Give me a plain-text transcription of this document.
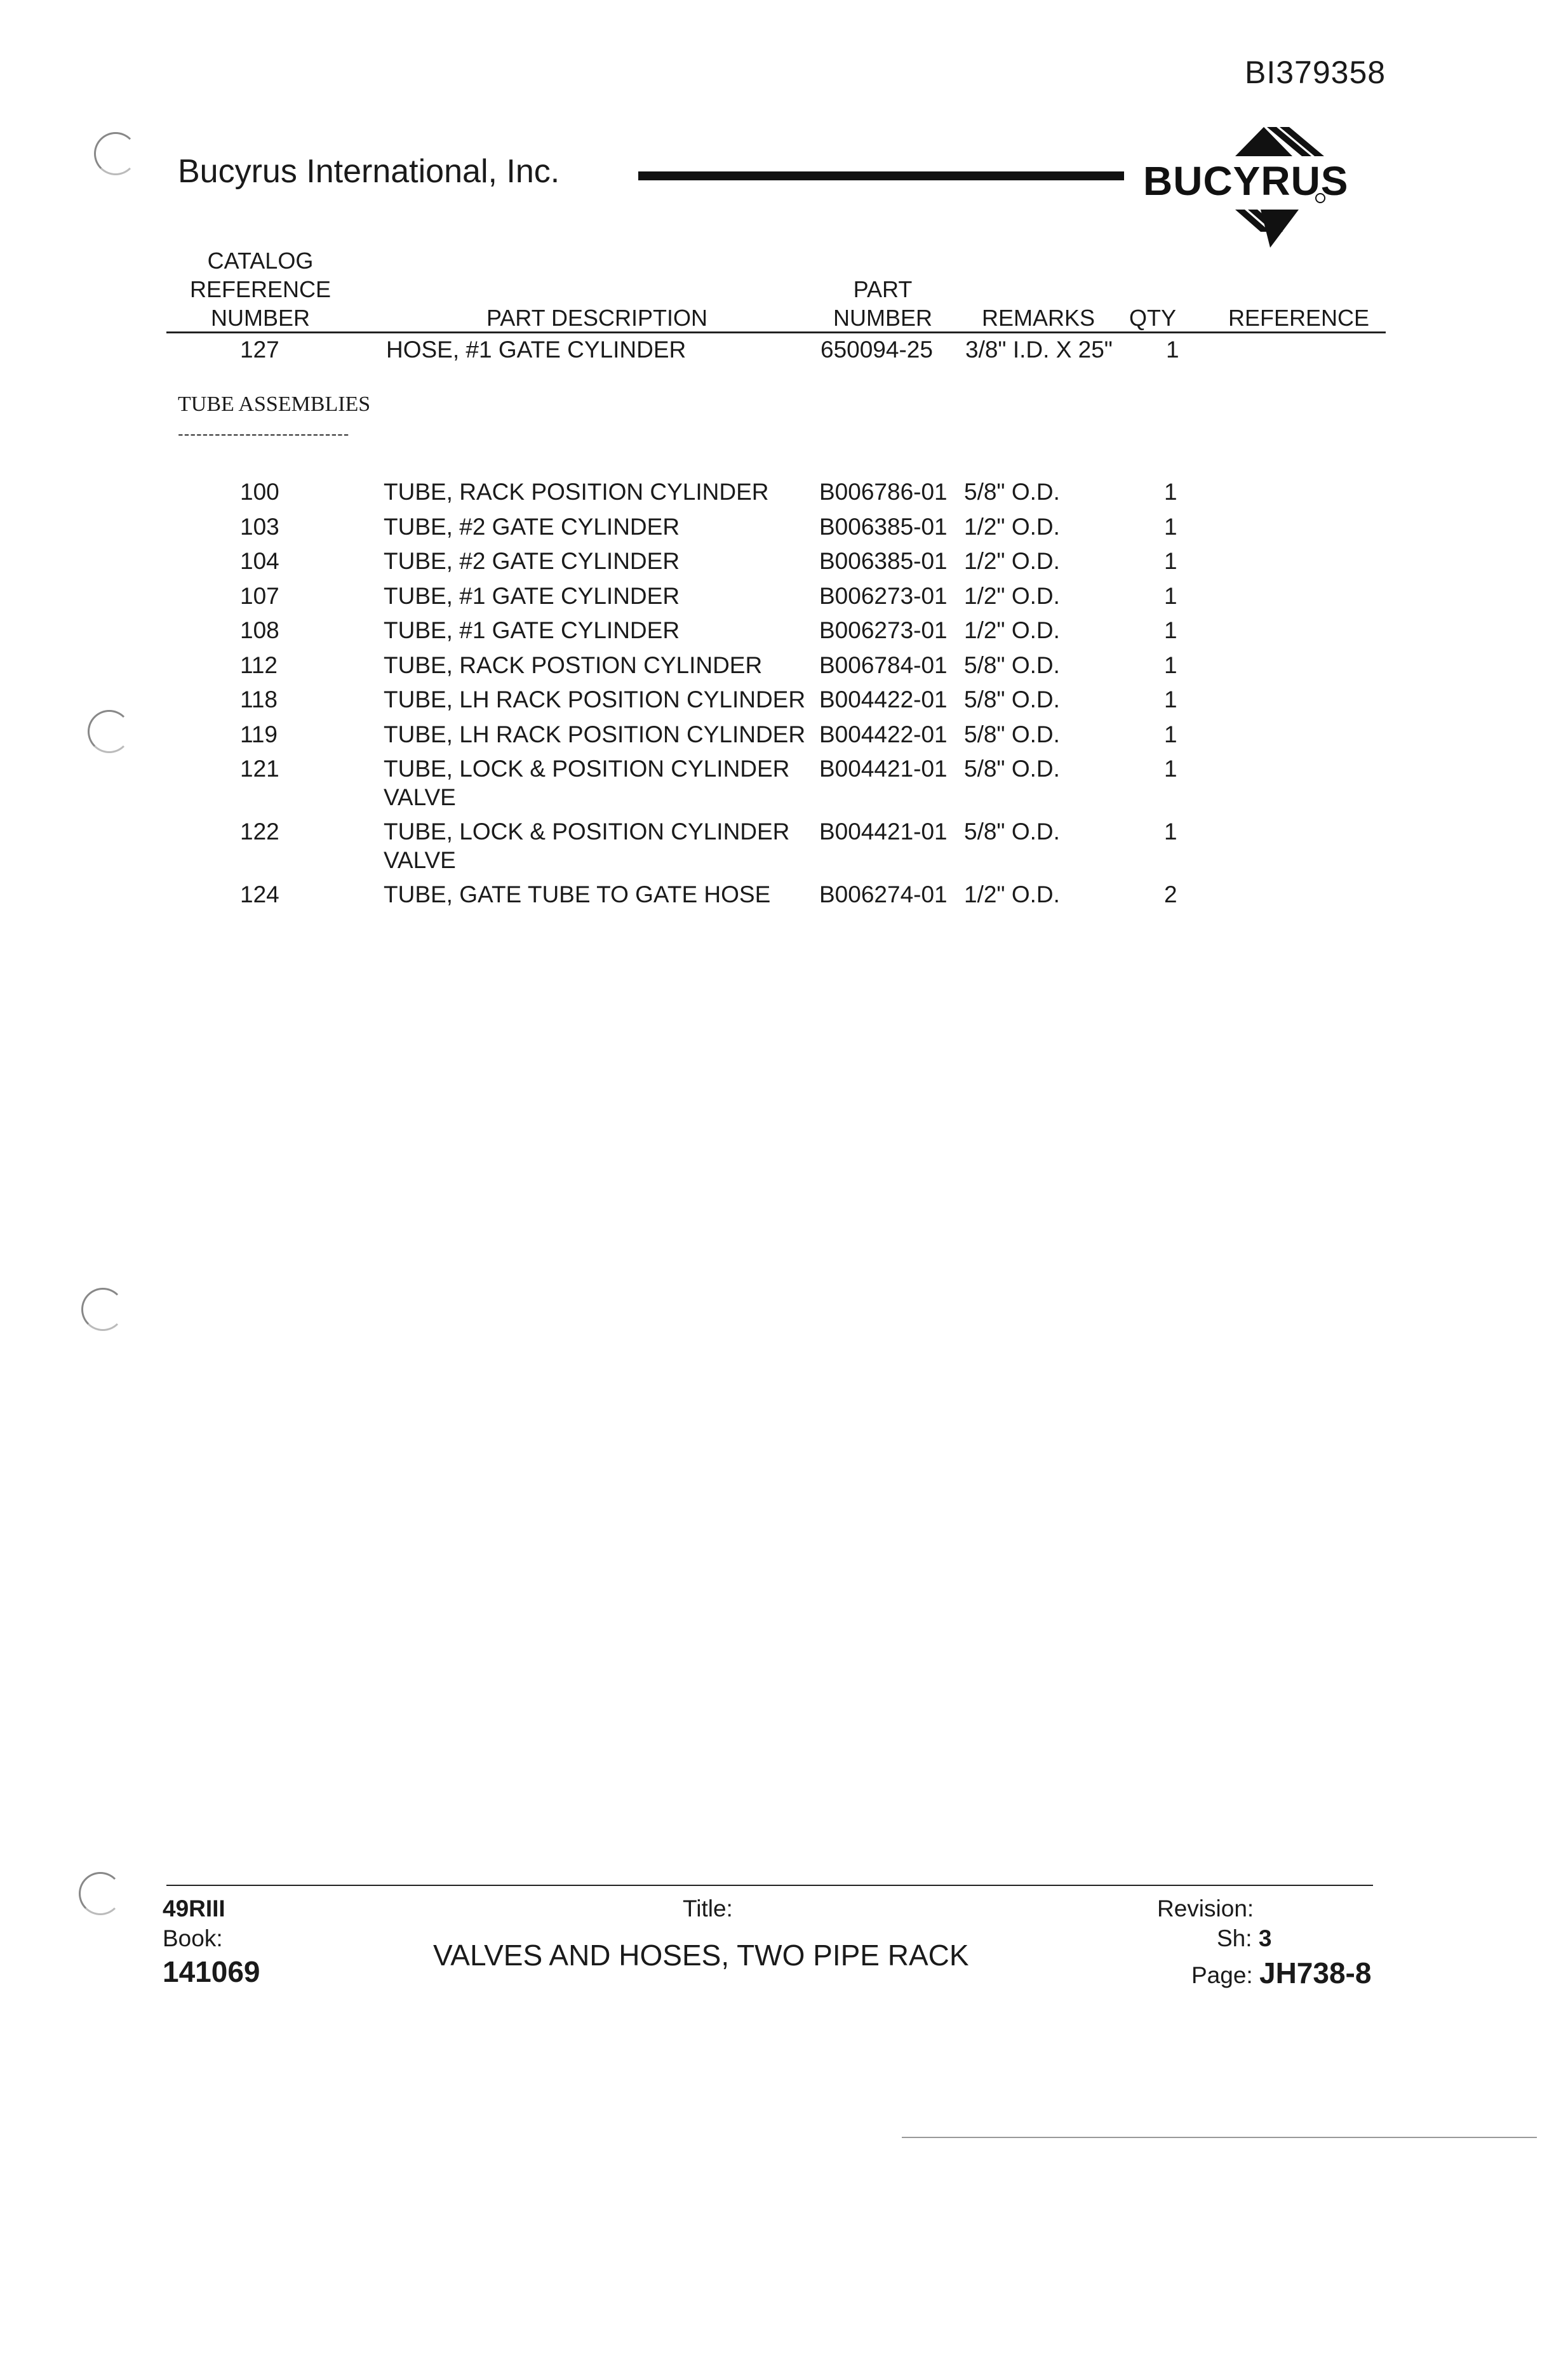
BI379358
Bucyrus International, Inc.	BUCYRUS
CATALOG
REFERENCE
NUMBER	PART DESCRIPTION
PART
NUMBER	REMARKS	QTY	REFERENCE
127	HOSE, #1 GATE CYLINDER	650094-25 3/8" I.D. X 25" 1
TUBE ASSEMBLIES
----------------------------
100	TUBE, RACK POSITION CYLINDER B006786-01 5/8" O.D.	1
103	TUBE, #2 GATE CYLINDER	B006385-01 1/2" O.D.	1
104	TUBE, #2 GATE CYLINDER	B006385-01 1/2" O.D.	1
107	TUBE, #1 GATE CYLINDER	B006273-01 1/2" O.D.	1
108	TUBE, #1 GATE CYLINDER	B006273-01 1/2" O.D.	1
112	TUBE, RACK POSTION CYLINDER B006784-01 5/8" O.D.	1
118	TUBE, LH RACK POSITION CYLINDER B004422-01 5/8" O.D.	1
119	TUBE, LH RACK POSITION CYLINDER B004422-01 5/8" O.D.	1
121	TUBE, LOCK & POSITION CYLINDER B004421-01 5/8" O.D.	1
VALVE
122	TUBE, LOCK & POSITION CYLINDER B004421-01 5/8" O.D.	1
VALVE
124	TUBE, GATE TUBE TO GATE HOSE B006274-01 1/2" O.D.	2
49RIII
Book:
141069
Title:
VALVES AND HOSES, TWO PIPE RACK
Revision:
Sh: 3
Page: JH738-8
